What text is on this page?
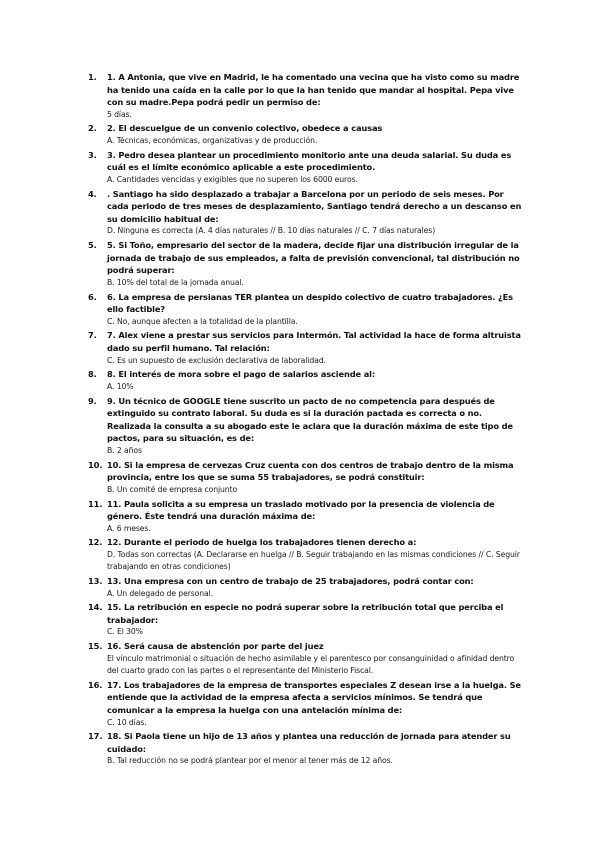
1.	1. A Antonia, que vive en Madrid, le ha comentado una vecina que ha visto como su madre ha tenido una caída en la calle por lo que la han tenido que mandar al hospital. Pepa vive con su madre.Pepa podrá pedir un permiso de:
5 días.
2.	2. El descuelgue de un convenio colectivo, obedece a causas
A. Técnicas, económicas, organizativas y de producción.
3.	3. Pedro desea plantear un procedimiento monitorio ante una deuda salarial. Su duda es cuál es el límite económico aplicable a este procedimiento.
A. Cantidades vencidas y exigibles que no superen los 6000 euros.
4.	. Santiago ha sido desplazado a trabajar a Barcelona por un periodo de seis meses. Por cada periodo de tres meses de desplazamiento, Santiago tendrá derecho a un descanso en su domicilio habitual de:
D. Ninguna es correcta (A. 4 días naturales // B. 10 días naturales // C. 7 días naturales)
5.	5. Si Toño, empresario del sector de la madera, decide fijar una distribución irregular de la jornada de trabajo de sus empleados, a falta de previsión convencional, tal distribución no podrá superar:
B. 10% del total de la jornada anual.
6.	6. La empresa de persianas TER plantea un despido colectivo de cuatro trabajadores. ¿Es ello factible?
C. No, aunque afecten a la totalidad de la plantilla.
7.	7. Alex viene a prestar sus servicios para Intermón. Tal actividad la hace de forma altruista dado su perfil humano. Tal relación:
C. Es un supuesto de exclusión declarativa de laboralidad.
8.	8. El interés de mora sobre el pago de salarios asciende al:
A. 10%
9.	9. Un técnico de GOOGLE tiene suscrito un pacto de no competencia para después de extinguido su contrato laboral. Su duda es si la duración pactada es correcta o no. Realizada la consulta a su abogado este le aclara que la duración máxima de este tipo de pactos, para su situación, es de:
B. 2 años
10. 10. Si la empresa de cervezas Cruz cuenta con dos centros de trabajo dentro de la misma provincia, entre los que se suma 55 trabajadores, se podrá constituir:
B. Un comité de empresa conjunto
11. 11. Paula solicita a su empresa un traslado motivado por la presencia de violencia de género. Éste tendrá una duración máxima de:
A. 6 meses.
12. 12. Durante el periodo de huelga los trabajadores tienen derecho a:
D. Todas son correctas (A. Declararse en huelga // B. Seguir trabajando en las mismas condiciones // C. Seguir trabajando en otras condiciones)
13. 13. Una empresa con un centro de trabajo de 25 trabajadores, podrá contar con:
A. Un delegado de personal.
14. 15. La retribución en especie no podrá superar sobre la retribución total que perciba el trabajador:
C. El 30%
15. 16. Será causa de abstención por parte del juez
El vínculo matrimonial o situación de hecho asimilable y el parentesco por consanguinidad o afinidad dentro del cuarto grado con las partes o el representante del Ministerio Fiscal.
16. 17. Los trabajadores de la empresa de transportes especiales Z desean irse a la huelga. Se entiende que la actividad de la empresa afecta a servicios mínimos. Se tendrá que comunicar a la empresa la huelga con una antelación mínima de:
C. 10 días.
17. 18. Si Paola tiene un hijo de 13 años y plantea una reducción de jornada para atender su cuidado:
B. Tal reducción no se podrá plantear por el menor al tener más de 12 años.
